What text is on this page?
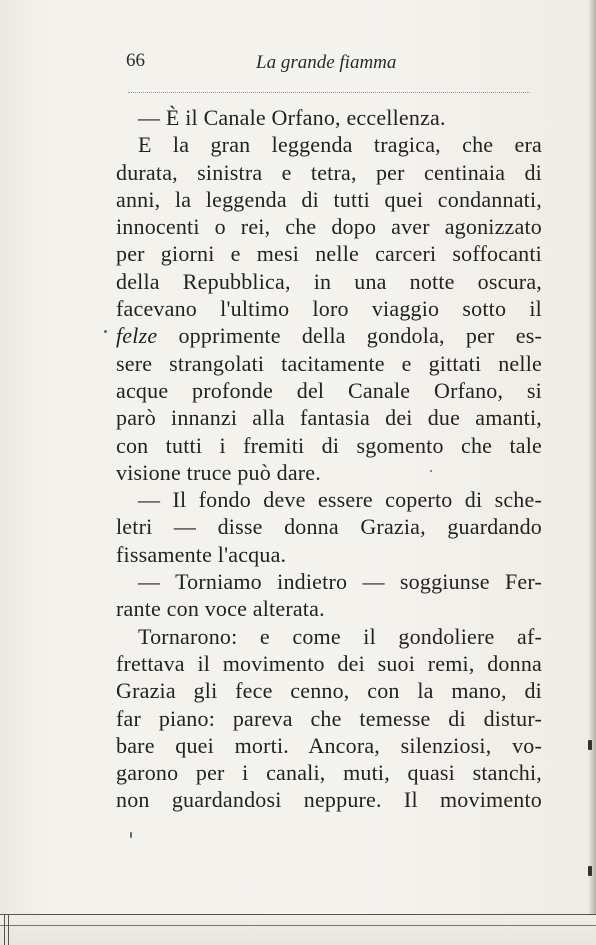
66	La grande fiamma
— È il Canale Orfano, eccellenza.
E la gran leggenda tragica, che era
durata, sinistra e tetra, per centinaia di
anni, la leggenda di tutti quei condannati,
innocenti o rei, che dopo aver agonizzato
per giorni e mesi nelle carceri soffocanti
della Repubblica, in una notte oscura,
facevano l'ultimo loro viaggio sotto il
felze opprimente della gondola, per es-
sere strangolati tacitamente e gittati nelle
acque profonde del Canale Orfano, si
parò innanzi alla fantasia dei due amanti,
con tutti i fremiti di sgomento che tale
visione truce può dare.
— Il fondo deve essere coperto di sche-
letri — disse donna Grazia, guardando
fissamente l'acqua.
— Torniamo indietro — soggiunse Fer-
rante con voce alterata.
Tornarono: e come il gondoliere af-
frettava il movimento dei suoi remi, donna
Grazia gli fece cenno, con la mano, di
far piano: pareva che temesse di distur-
bare quei morti. Ancora, silenziosi, vo-
garono per i canali, muti, quasi stanchi,
non guardandosi neppure. Il movimento
